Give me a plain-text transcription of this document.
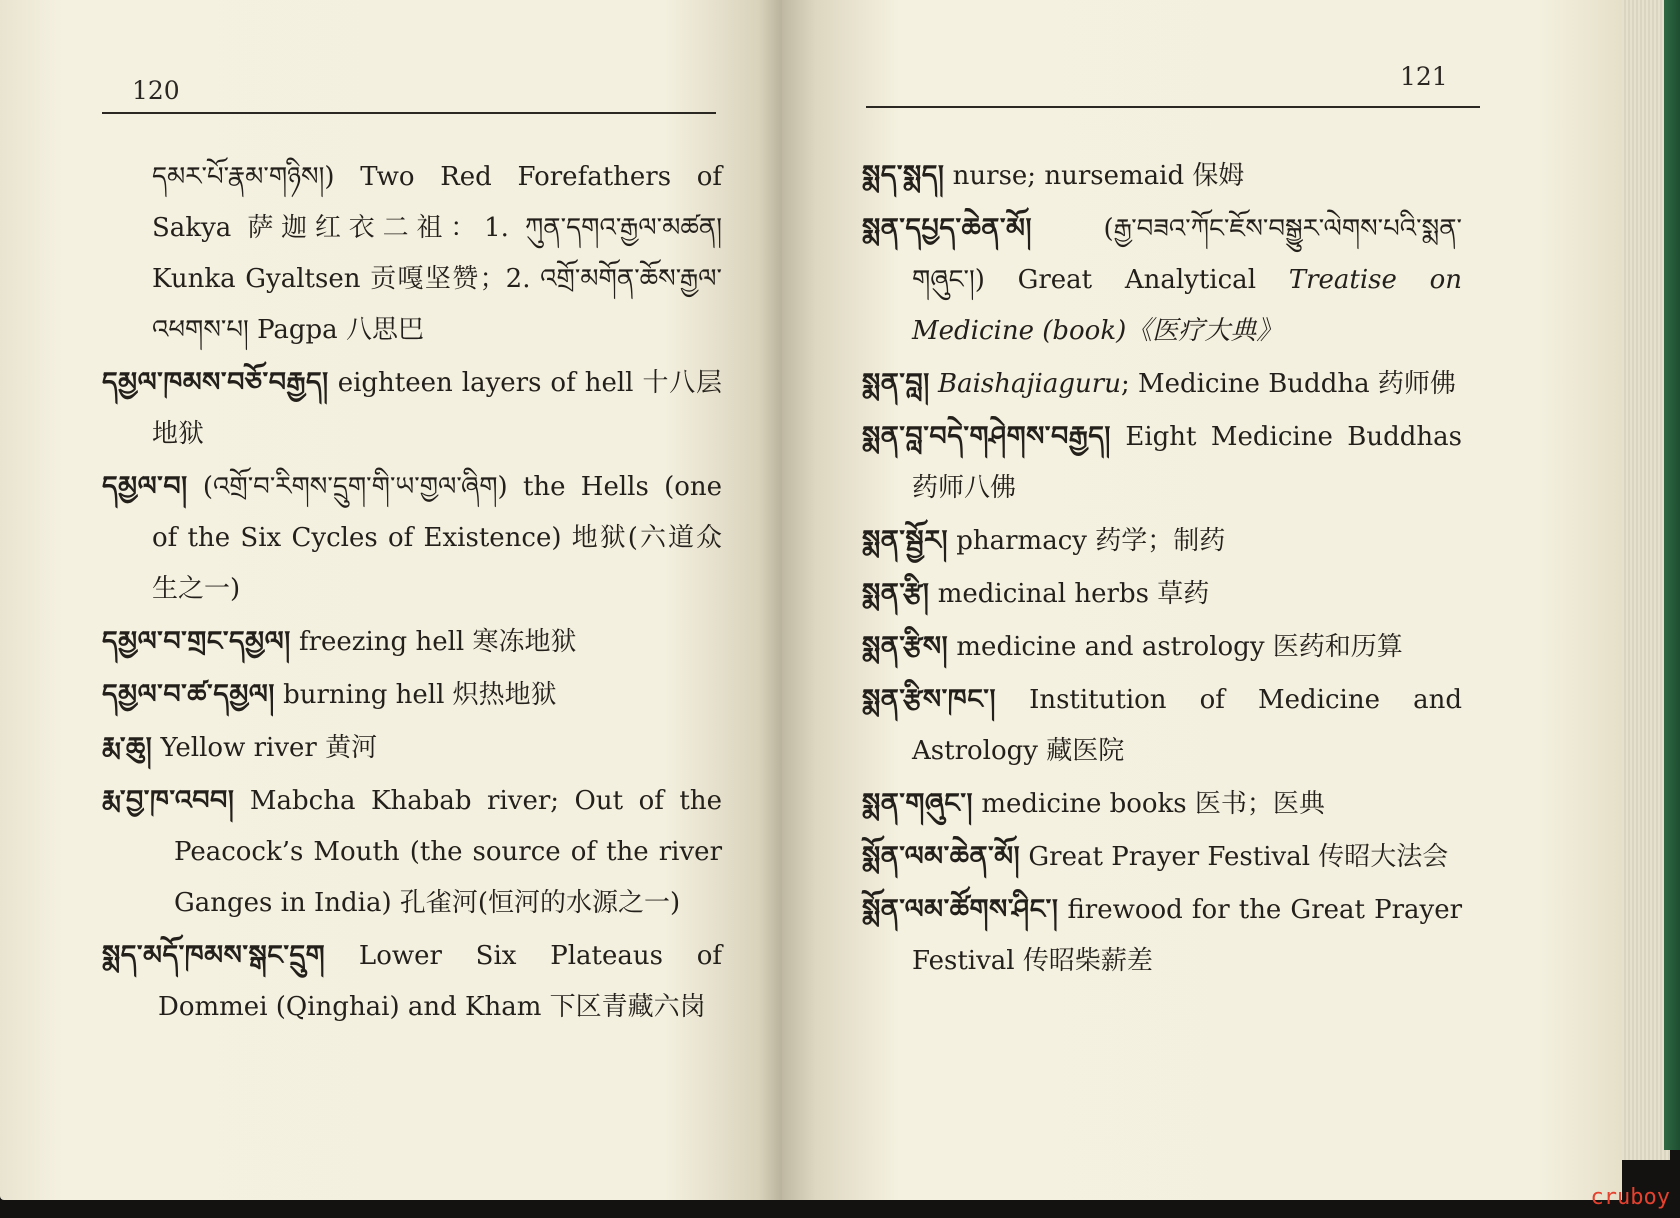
120

དམར་པོ་རྣམ་གཉིས།) Two Red Forefathers of Sakya 萨迦红衣二祖：1. ཀུན་དགའ་རྒྱལ་མཚན། Kunka Gyaltsen 贡嘎坚赞；2. འགྲོ་མགོན་ཆོས་རྒྱལ་འཕགས་པ། Pagpa 八思巴

དམྱལ་ཁམས་བཅོ་བརྒྱད། eighteen layers of hell 十八层地狱

དམྱལ་བ། (འགྲོ་བ་རིགས་དྲུག་གི་ཡ་གྱལ་ཞིག) the Hells (one of the Six Cycles of Existence) 地狱(六道众生之一)

དམྱལ་བ་གྲང་དམྱལ། freezing hell 寒冻地狱

དམྱལ་བ་ཚ་དམྱལ། burning hell 炽热地狱

རྨ་ཆུ། Yellow river 黄河

རྨ་བྱ་ཁ་འབབ། Mabcha Khabab river; Out of the Peacock’s Mouth (the source of the river Ganges in India) 孔雀河(恒河的水源之一)

སྨད་མདོ་ཁམས་སྒང་དྲུག Lower Six Plateaus of Dommei (Qinghai) and Kham 下区青藏六岗

121

སྨད་སྨད། nurse; nursemaid 保姆

སྨན་དཔྱད་ཆེན་མོ།	(རྒྱ་བཟའ་ཀོང་ཇོས་བསྒྱུར་ལེགས་པའི་སྨན་གཞུང་།) Great Analytical Treatise on Medicine (book)《医疗大典》

སྨན་བླ། Baishajiaguru; Medicine Buddha 药师佛

སྨན་བླ་བདེ་གཤེགས་བརྒྱད། Eight Medicine Buddhas 药师八佛

སྨན་སྦྱོར། pharmacy 药学；制药

སྨན་རྩི། medicinal herbs 草药

སྨན་རྩིས། medicine and astrology 医药和历算

སྨན་རྩིས་ཁང་། Institution of Medicine and Astrology 藏医院

སྨན་གཞུང་། medicine books 医书；医典

སྨོན་ལམ་ཆེན་མོ། Great Prayer Festival 传昭大法会

སྨོན་ལམ་ཚོགས་ཤིང་། firewood for the Great Prayer Festival 传昭柴薪差

cruboy
